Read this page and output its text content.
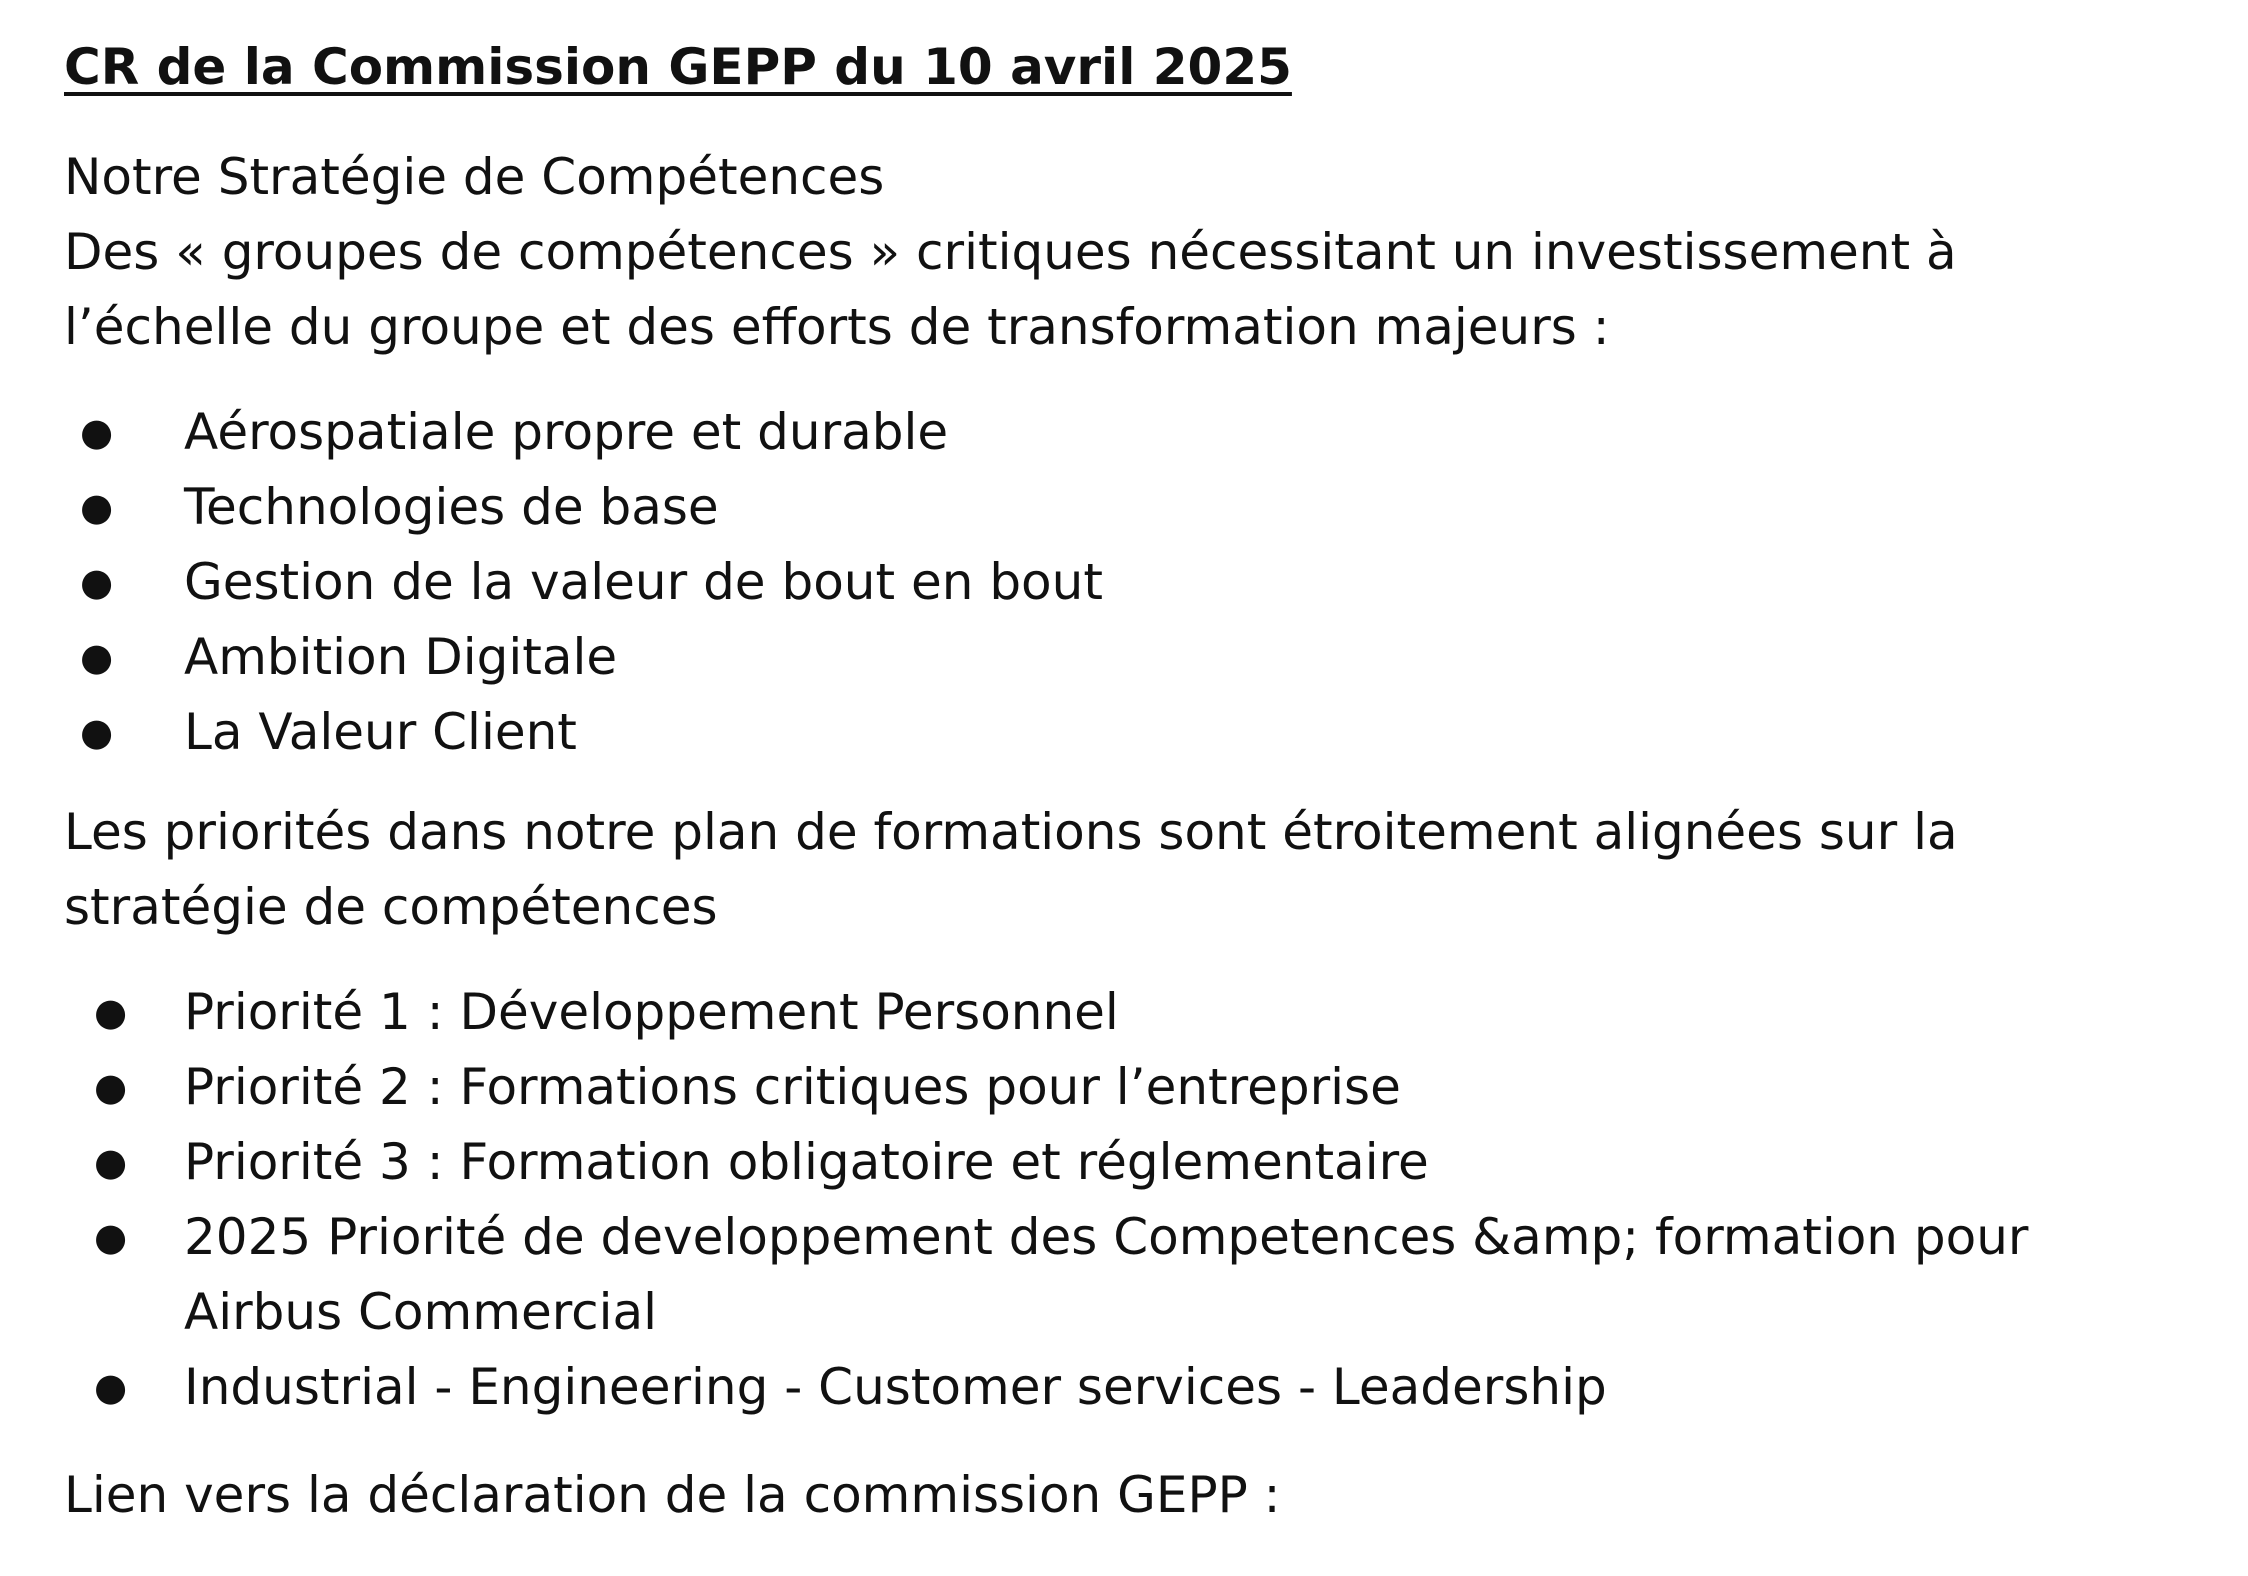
CR de la Commission GEPP du 10 avril 2025

Notre Stratégie de Compétences

Des « groupes de compétences » critiques nécessitant un investissement à l’échelle du groupe et des efforts de transformation majeurs :

● Aérospatiale propre et durable
● Technologies de base
● Gestion de la valeur de bout en bout
● Ambition Digitale
● La Valeur Client

Les priorités dans notre plan de formations sont étroitement alignées sur la stratégie de compétences

● Priorité 1 : Développement Personnel
● Priorité 2 : Formations critiques pour l’entreprise
● Priorité 3 : Formation obligatoire et réglementaire
● 2025 Priorité de developpement des Competences &amp; formation pour Airbus Commercial
● Industrial - Engineering - Customer services - Leadership

Lien vers la déclaration de la commission GEPP :
